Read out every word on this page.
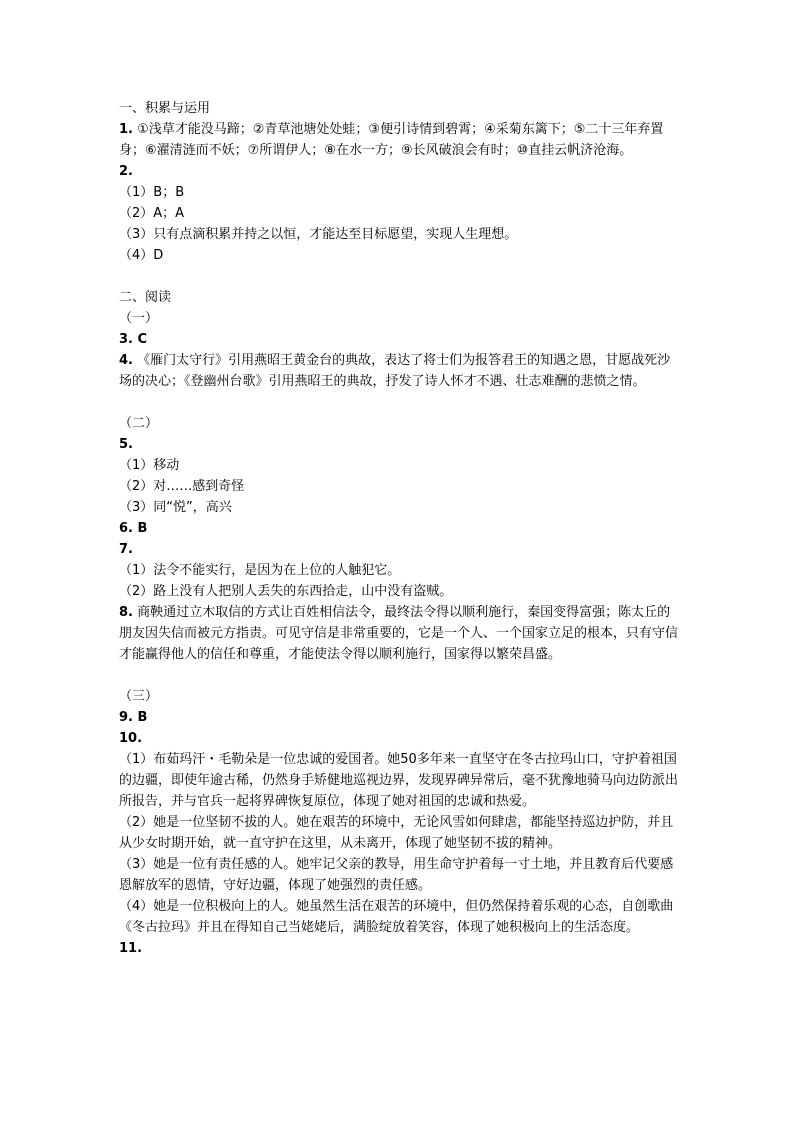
一、积累与运用
1. ①浅草才能没马蹄；②青草池塘处处蛙；③便引诗情到碧霄；④采菊东篱下；⑤二十三年弃置身；⑥濯清涟而不妖；⑦所谓伊人；⑧在水一方；⑨长风破浪会有时；⑩直挂云帆济沧海。
2.
（1）B；B
（2）A；A
（3）只有点滴积累并持之以恒，才能达至目标愿望，实现人生理想。
（4）D
二、阅读
（一）
3. C
4. 《雁门太守行》引用燕昭王黄金台的典故，表达了将士们为报答君王的知遇之恩，甘愿战死沙场的决心；《登幽州台歌》引用燕昭王的典故，抒发了诗人怀才不遇、壮志难酬的悲愤之情。
（二）
5.
（1）移动
（2）对……感到奇怪
（3）同“悦”，高兴
6. B
7.
（1）法令不能实行，是因为在上位的人触犯它。
（2）路上没有人把别人丢失的东西拾走，山中没有盗贼。
8. 商鞅通过立木取信的方式让百姓相信法令，最终法令得以顺利施行，秦国变得富强；陈太丘的朋友因失信而被元方指责。可见守信是非常重要的，它是一个人、一个国家立足的根本，只有守信才能赢得他人的信任和尊重，才能使法令得以顺利施行，国家得以繁荣昌盛。
（三）
9. B
10.
（1）布茹玛汗・毛勒朵是一位忠诚的爱国者。她50多年来一直坚守在冬古拉玛山口，守护着祖国的边疆，即使年逾古稀，仍然身手矫健地巡视边界，发现界碑异常后，毫不犹豫地骑马向边防派出所报告，并与官兵一起将界碑恢复原位，体现了她对祖国的忠诚和热爱。
（2）她是一位坚韧不拔的人。她在艰苦的环境中，无论风雪如何肆虐，都能坚持巡边护防，并且从少女时期开始，就一直守护在这里，从未离开，体现了她坚韧不拔的精神。
（3）她是一位有责任感的人。她牢记父亲的教导，用生命守护着每一寸土地，并且教育后代要感恩解放军的恩情，守好边疆，体现了她强烈的责任感。
（4）她是一位积极向上的人。她虽然生活在艰苦的环境中，但仍然保持着乐观的心态，自创歌曲《冬古拉玛》并且在得知自己当姥姥后，满脸绽放着笑容，体现了她积极向上的生活态度。
11.
